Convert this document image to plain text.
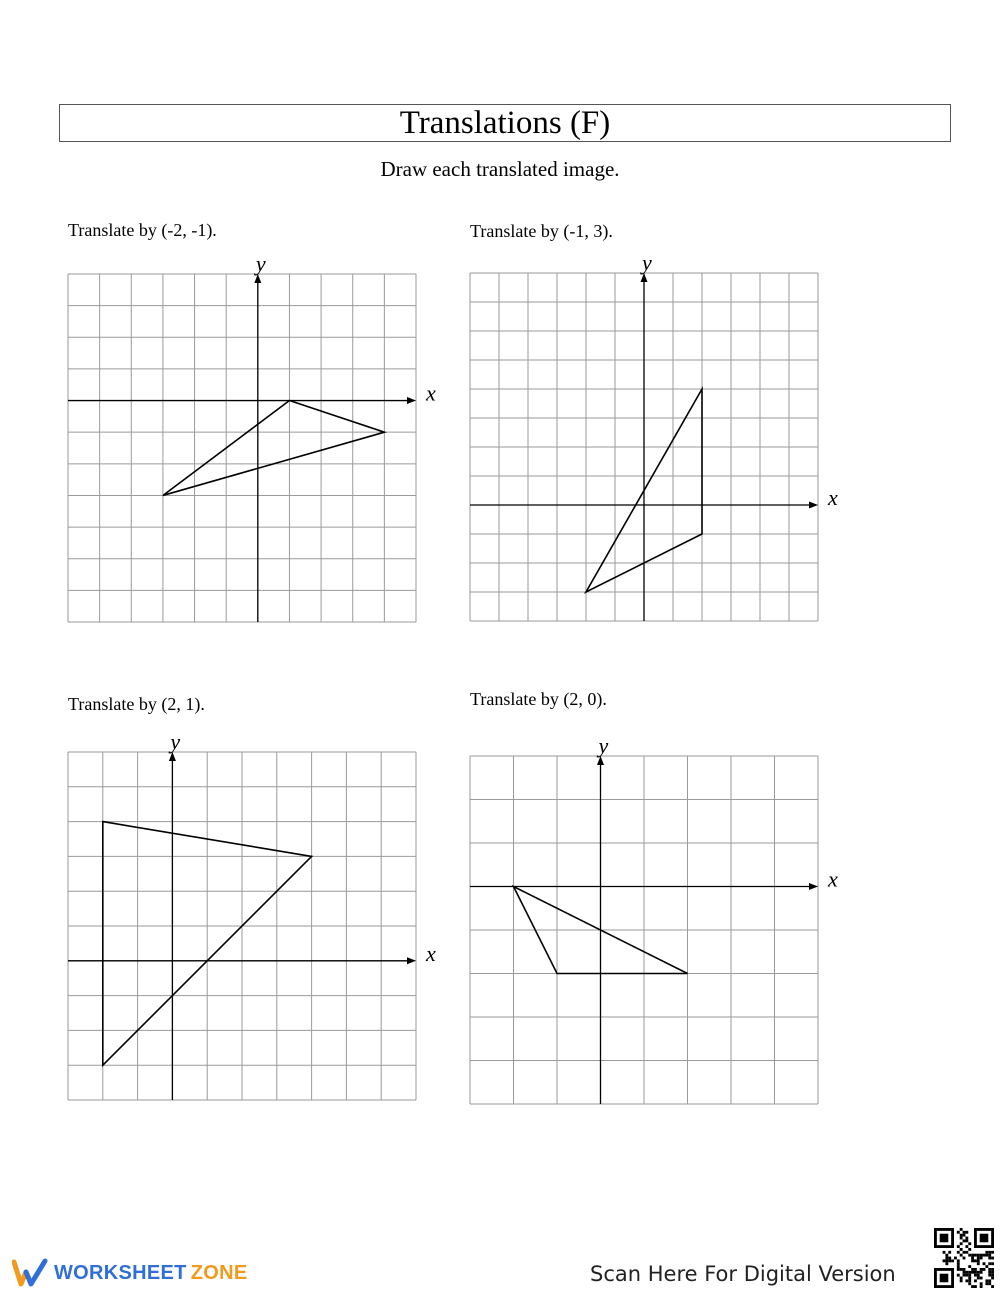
Translations (F)
Draw each translated image.
Translate by (-2, -1).
x
y
Translate by (-1, 3).
x
y
Translate by (2, 1).
x
y
Translate by (2, 0).
x
y
WORKSHEET ZONE	Scan Here For Digital Version
